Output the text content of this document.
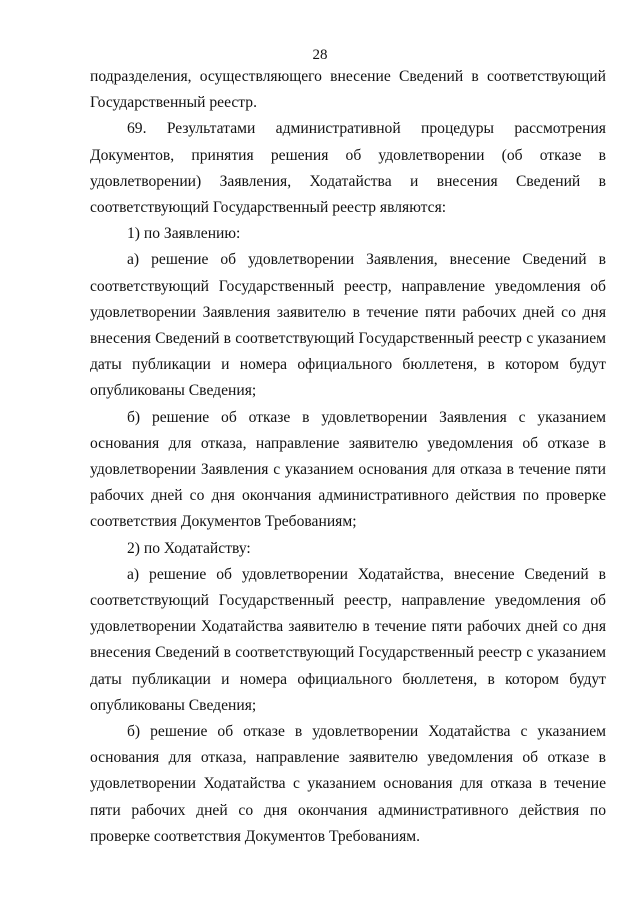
28

подразделения, осуществляющего внесение Сведений в соответствующий Государственный реестр.

69. Результатами административной процедуры рассмотрения Документов, принятия решения об удовлетворении (об отказе в удовлетворении) Заявления, Ходатайства и внесения Сведений в соответствующий Государственный реестр являются:

1) по Заявлению:

а) решение об удовлетворении Заявления, внесение Сведений в соответствующий Государственный реестр, направление уведомления об удовлетворении Заявления заявителю в течение пяти рабочих дней со дня внесения Сведений в соответствующий Государственный реестр с указанием даты публикации и номера официального бюллетеня, в котором будут опубликованы Сведения;

б) решение об отказе в удовлетворении Заявления с указанием основания для отказа, направление заявителю уведомления об отказе в удовлетворении Заявления с указанием основания для отказа в течение пяти рабочих дней со дня окончания административного действия по проверке соответствия Документов Требованиям;

2) по Ходатайству:

а) решение об удовлетворении Ходатайства, внесение Сведений в соответствующий Государственный реестр, направление уведомления об удовлетворении Ходатайства заявителю в течение пяти рабочих дней со дня внесения Сведений в соответствующий Государственный реестр с указанием даты публикации и номера официального бюллетеня, в котором будут опубликованы Сведения;

б) решение об отказе в удовлетворении Ходатайства с указанием основания для отказа, направление заявителю уведомления об отказе в удовлетворении Ходатайства с указанием основания для отказа в течение пяти рабочих дней со дня окончания административного действия по проверке соответствия Документов Требованиям.
